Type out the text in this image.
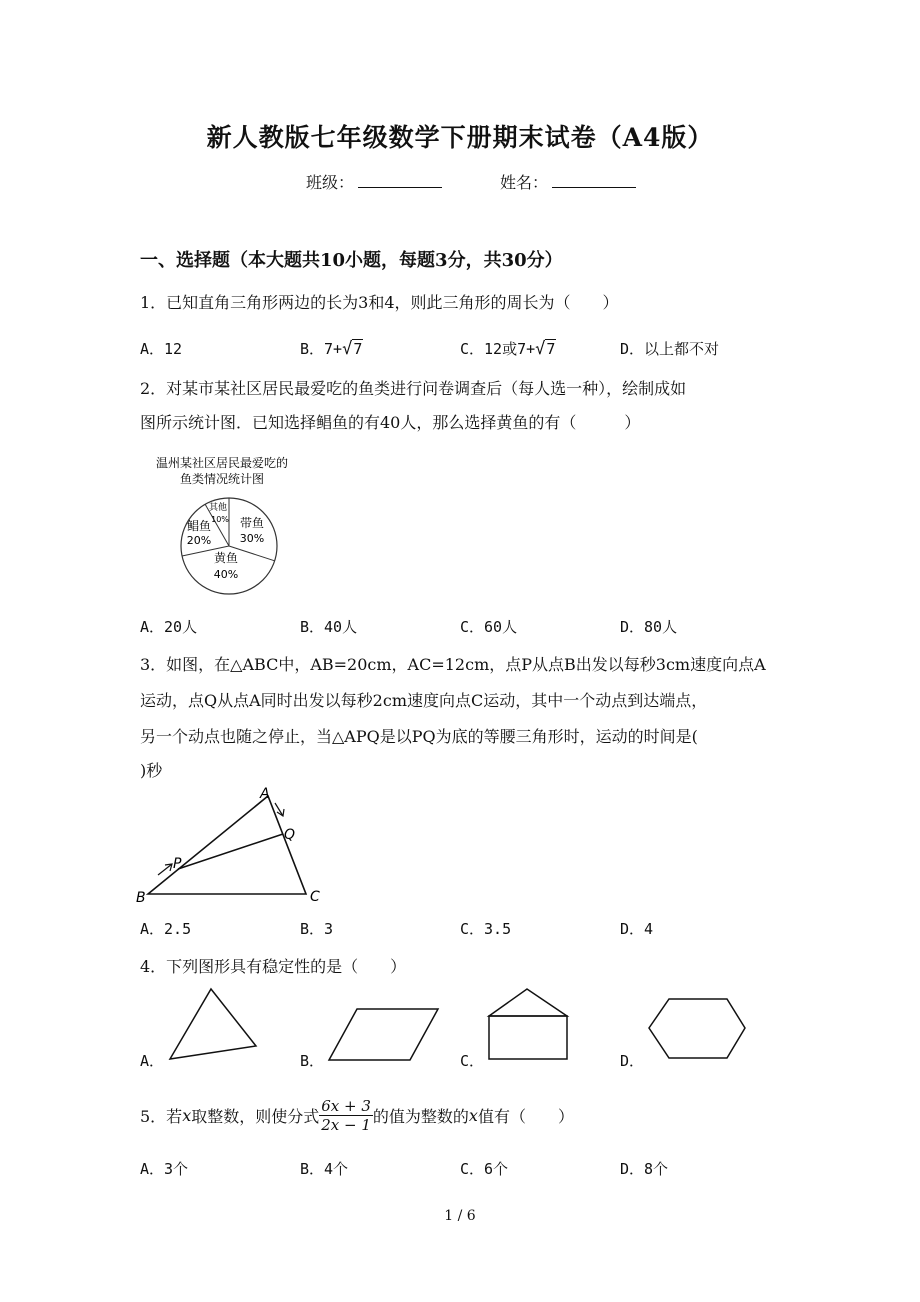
新人教版七年级数学下册期末试卷（A4版）
班级：	姓名：
一、选择题（本大题共10小题，每题3分，共30分）
1．已知直角三角形两边的长为3和4，则此三角形的周长为（　　）
A．12	B．7+√7	C．12或7+√7	D．以上都不对
2．对某市某社区居民最爱吃的鱼类进行问卷调查后（每人选一种），绘制成如
图所示统计图．已知选择鲳鱼的有40人，那么选择黄鱼的有（　　　）
温州某社区居民最爱吃的
鱼类情况统计图
带鱼
30%
黄鱼
40%
鲳鱼
20%
其他
10%
A．20人	B．40人	C．60人	D．80人
3．如图，在△ABC中，AB=20cm，AC=12cm，点P从点B出发以每秒3cm速度向点A
运动，点Q从点A同时出发以每秒2cm速度向点C运动，其中一个动点到达端点，
另一个动点也随之停止，当△APQ是以PQ为底的等腰三角形时，运动的时间是(
)秒
A
B	C
P
Q
A．2.5	B．3	C．3.5	D．4
4．下列图形具有稳定性的是（　　）
A．	B．	C．	D．
5．若 x 取整数，则使分式 $\frac{6x + 3}{2x - 1}$ 的值为整数的 x 值有（　　）
A．3个	B．4个	C．6个	D．8个
1 / 6
